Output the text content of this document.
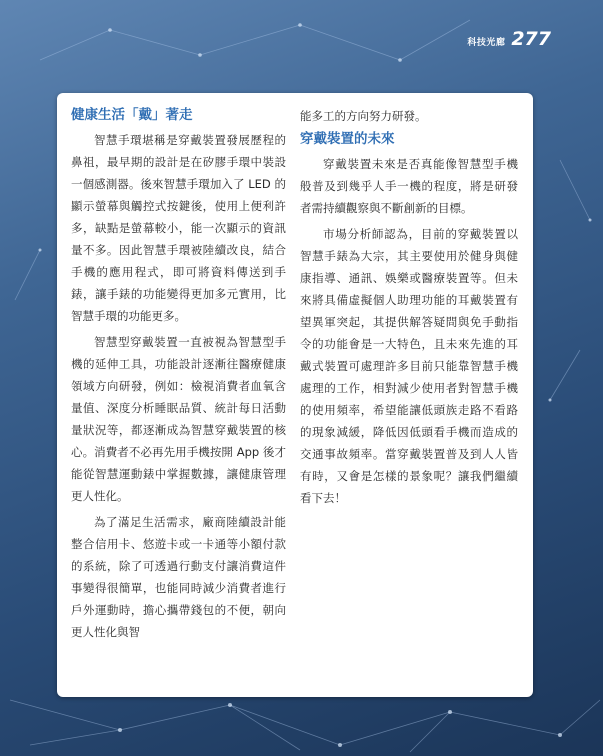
科技光廊 277
健康生活「戴」著走

智慧手環堪稱是穿戴裝置發展歷程的鼻祖，最早期的設計是在矽膠手環中裝設一個感測器。後來智慧手環加入了 LED 的顯示螢幕與觸控式按鍵後，使用上便利許多，缺點是螢幕較小，能一次顯示的資訊量不多。因此智慧手環被陸續改良，結合手機的應用程式，即可將資料傳送到手錶，讓手錶的功能變得更加多元實用，比智慧手環的功能更多。

智慧型穿戴裝置一直被視為智慧型手機的延伸工具，功能設計逐漸往醫療健康領域方向研發，例如：檢視消費者血氧含量值、深度分析睡眠品質、統計每日活動量狀況等，都逐漸成為智慧穿戴裝置的核心。消費者不必再先用手機按開 App 後才能從智慧運動錶中掌握數據，讓健康管理更人性化。

為了滿足生活需求，廠商陸續設計能整合信用卡、悠遊卡或一卡通等小額付款的系統，除了可透過行動支付讓消費這件事變得很簡單，也能同時減少消費者進行戶外運動時，擔心攜帶錢包的不便，朝向更人性化與智

能多工的方向努力研發。

穿戴裝置的未來

穿戴裝置未來是否真能像智慧型手機般普及到幾乎人手一機的程度，將是研發者需持續觀察與不斷創新的目標。

市場分析師認為，目前的穿戴裝置以智慧手錶為大宗，其主要使用於健身與健康指導、通訊、娛樂或醫療裝置等。但未來將具備虛擬個人助理功能的耳戴裝置有望異軍突起，其提供解答疑問與免手動指令的功能會是一大特色，且未來先進的耳戴式裝置可處理許多目前只能靠智慧手機處理的工作，相對減少使用者對智慧手機的使用頻率，希望能讓低頭族走路不看路的現象減緩，降低因低頭看手機而造成的交通事故頻率。當穿戴裝置普及到人人皆有時，又會是怎樣的景象呢？讓我們繼續看下去！
